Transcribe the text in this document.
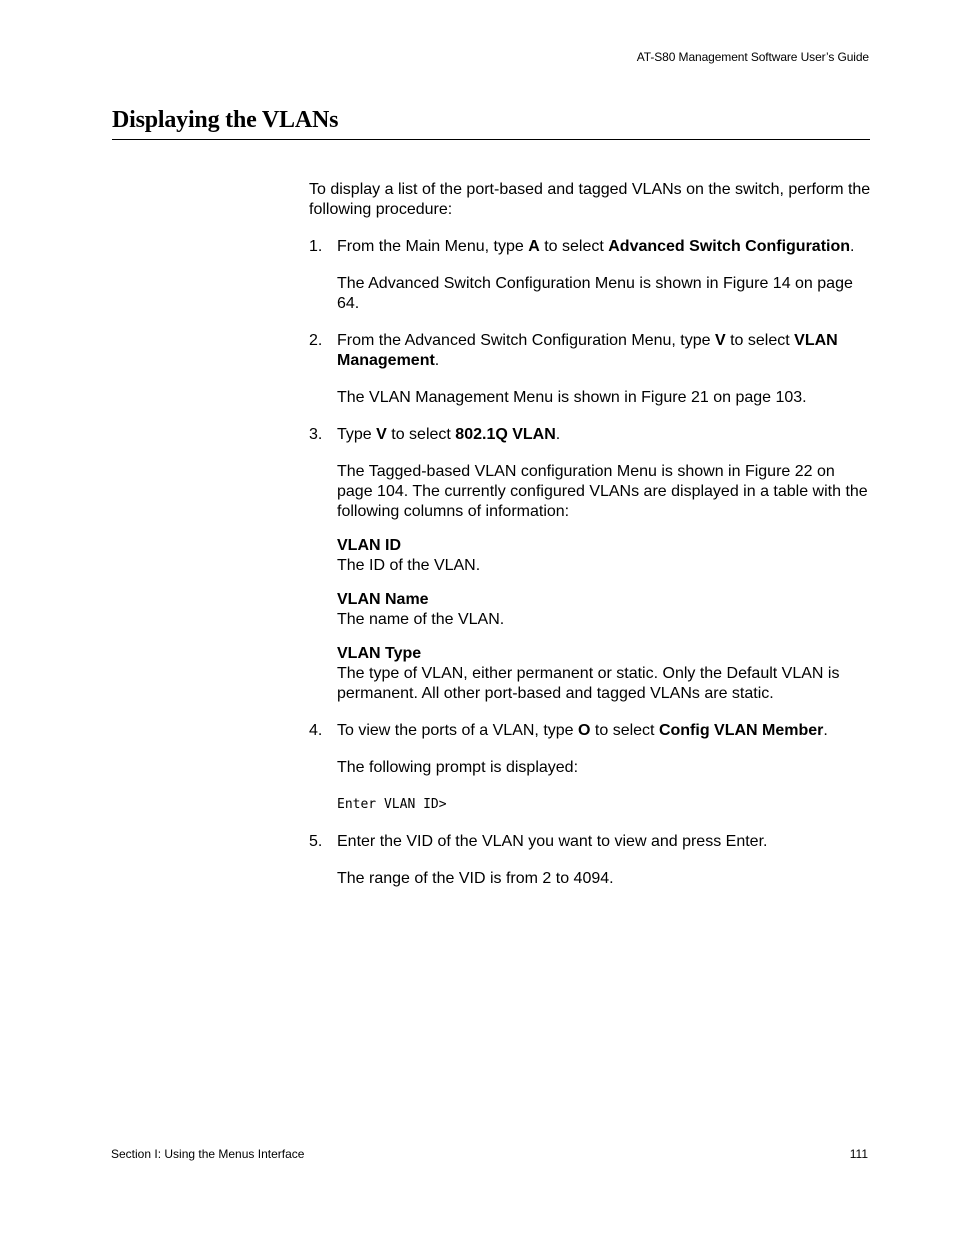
AT-S80 Management Software User’s Guide
Displaying the VLANs

To display a list of the port-based and tagged VLANs on the switch, perform the following procedure:

1. From the Main Menu, type A to select Advanced Switch Configuration.

The Advanced Switch Configuration Menu is shown in Figure 14 on page 64.

2. From the Advanced Switch Configuration Menu, type V to select VLAN Management.

The VLAN Management Menu is shown in Figure 21 on page 103.

3. Type V to select 802.1Q VLAN.

The Tagged-based VLAN configuration Menu is shown in Figure 22 on page 104. The currently configured VLANs are displayed in a table with the following columns of information:

VLAN ID

The ID of the VLAN.

VLAN Name

The name of the VLAN.

VLAN Type

The type of VLAN, either permanent or static. Only the Default VLAN is permanent. All other port-based and tagged VLANs are static.

4. To view the ports of a VLAN, type O to select Config VLAN Member.

The following prompt is displayed:

Enter VLAN ID>

5. Enter the VID of the VLAN you want to view and press Enter.

The range of the VID is from 2 to 4094.

Section I: Using the Menus Interface	111
